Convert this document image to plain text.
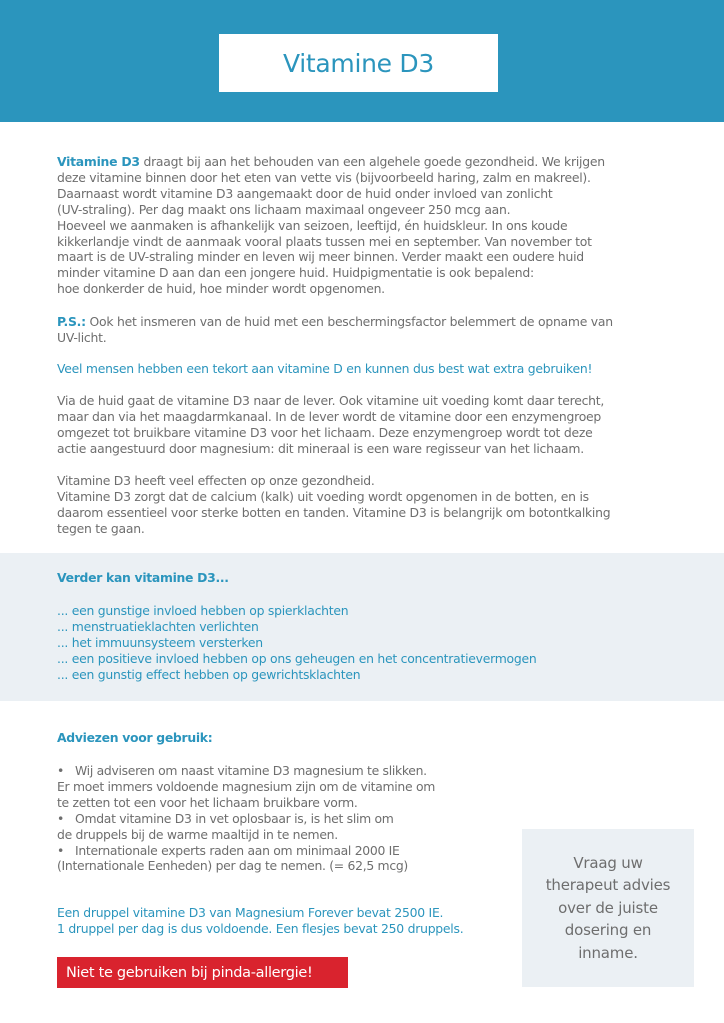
Vitamine D3
Vitamine D3 draagt bij aan het behouden van een algehele goede gezondheid. We krijgen
deze vitamine binnen door het eten van vette vis (bijvoorbeeld haring, zalm en makreel).
Daarnaast wordt vitamine D3 aangemaakt door de huid onder invloed van zonlicht
(UV-straling). Per dag maakt ons lichaam maximaal ongeveer 250 mcg aan.
Hoeveel we aanmaken is afhankelijk van seizoen, leeftijd, én huidskleur. In ons koude
kikkerlandje vindt de aanmaak vooral plaats tussen mei en september. Van november tot
maart is de UV-straling minder en leven wij meer binnen. Verder maakt een oudere huid
minder vitamine D aan dan een jongere huid. Huidpigmentatie is ook bepalend:
hoe donkerder de huid, hoe minder wordt opgenomen.
P.S.: Ook het insmeren van de huid met een beschermingsfactor belemmert de opname van
UV-licht.
Veel mensen hebben een tekort aan vitamine D en kunnen dus best wat extra gebruiken!
Via de huid gaat de vitamine D3 naar de lever. Ook vitamine uit voeding komt daar terecht,
maar dan via het maagdarmkanaal. In de lever wordt de vitamine door een enzymengroep
omgezet tot bruikbare vitamine D3 voor het lichaam. Deze enzymengroep wordt tot deze
actie aangestuurd door magnesium: dit mineraal is een ware regisseur van het lichaam.
Vitamine D3 heeft veel effecten op onze gezondheid.
Vitamine D3 zorgt dat de calcium (kalk) uit voeding wordt opgenomen in de botten, en is
daarom essentieel voor sterke botten en tanden. Vitamine D3 is belangrijk om botontkalking
tegen te gaan.
Verder kan vitamine D3...
... een gunstige invloed hebben op spierklachten
... menstruatieklachten verlichten
... het immuunsysteem versterken
... een positieve invloed hebben op ons geheugen en het concentratievermogen
... een gunstig effect hebben op gewrichtsklachten
Adviezen voor gebruik:
• Wij adviseren om naast vitamine D3 magnesium te slikken.
Er moet immers voldoende magnesium zijn om de vitamine om
te zetten tot een voor het lichaam bruikbare vorm.
• Omdat vitamine D3 in vet oplosbaar is, is het slim om
de druppels bij de warme maaltijd in te nemen.
• Internationale experts raden aan om minimaal 2000 IE
(Internationale Eenheden) per dag te nemen. (= 62,5 mcg)
Een druppel vitamine D3 van Magnesium Forever bevat 2500 IE.
1 druppel per dag is dus voldoende. Een flesjes bevat 250 druppels.
Niet te gebruiken bij pinda-allergie!

Vraag uw therapeut advies over de juiste dosering en inname.
